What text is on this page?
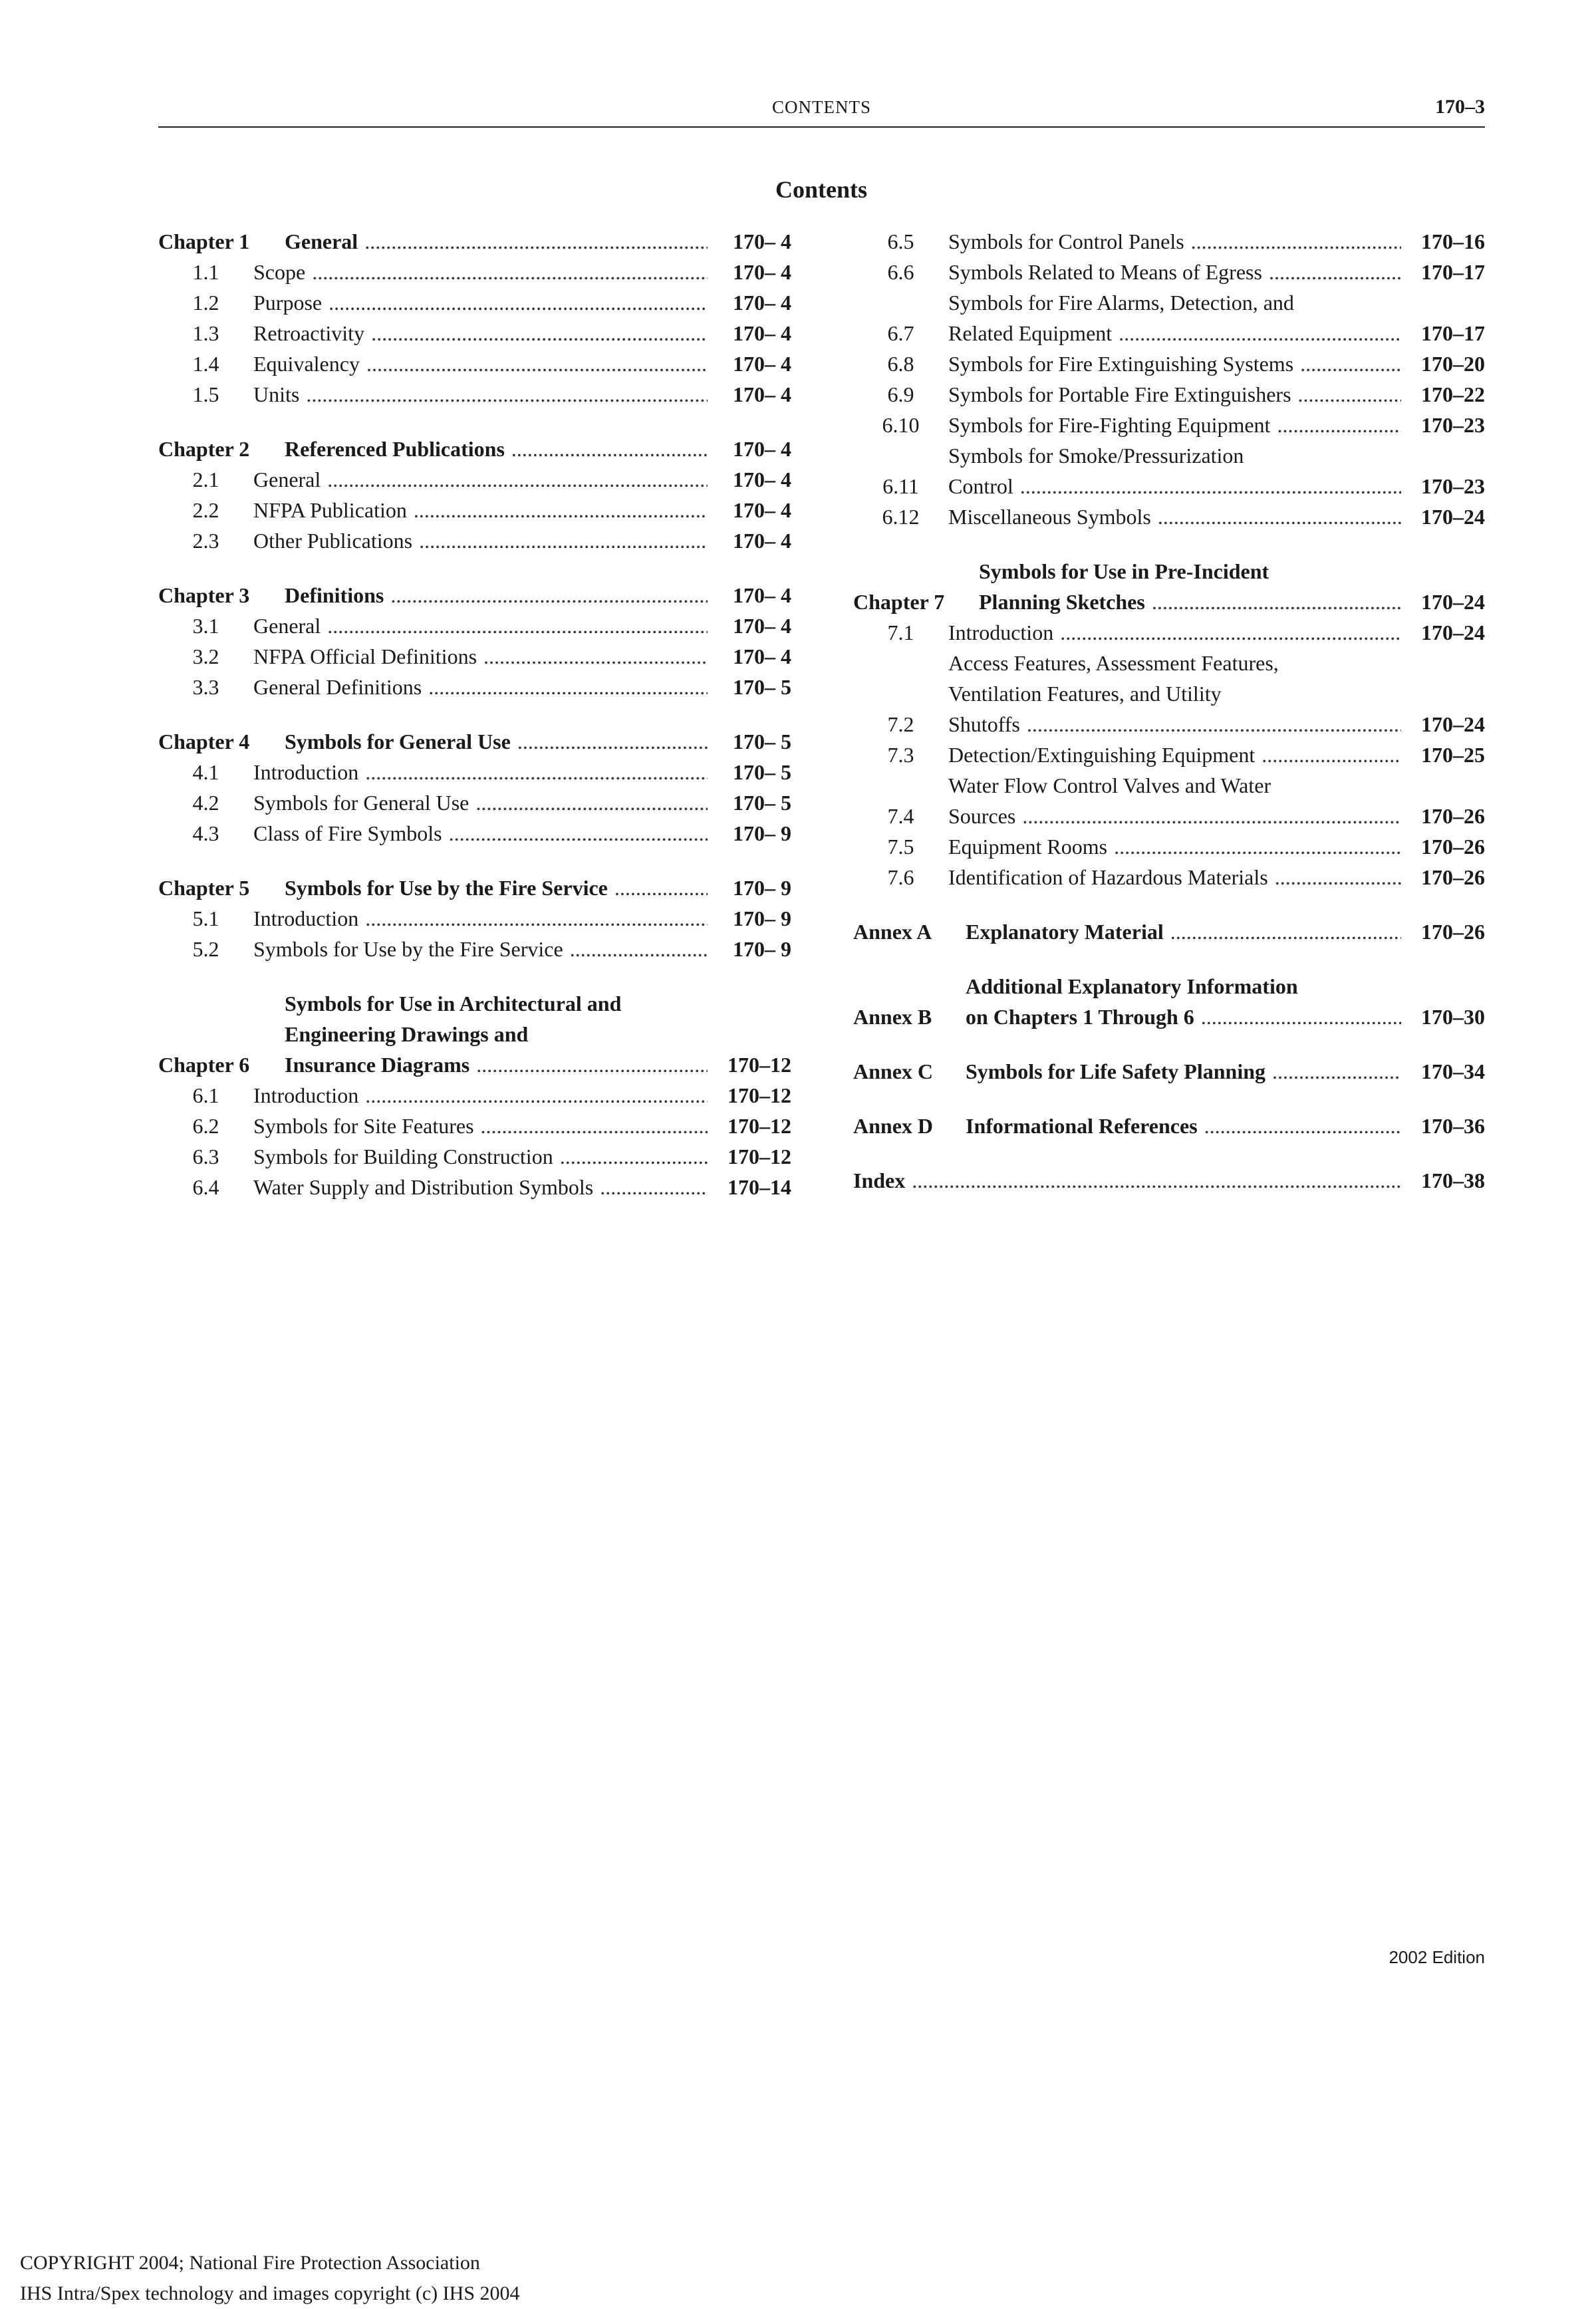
CONTENTS	170–3
Contents
Chapter 1	General . . .	170– 4
1.1	Scope . . .	170– 4
1.2	Purpose . . .	170– 4
1.3	Retroactivity . . .	170– 4
1.4	Equivalency . . .	170– 4
1.5	Units . . .	170– 4
Chapter 2	Referenced Publications . . .	170– 4
2.1	General . . .	170– 4
2.2	NFPA Publication . . .	170– 4
2.3	Other Publications . . .	170– 4
Chapter 3	Definitions . . .	170– 4
3.1	General . . .	170– 4
3.2	NFPA Official Definitions . . .	170– 4
3.3	General Definitions . . .	170– 5
Chapter 4	Symbols for General Use . . .	170– 5
4.1	Introduction . . .	170– 5
4.2	Symbols for General Use . . .	170– 5
4.3	Class of Fire Symbols . . .	170– 9
Chapter 5	Symbols for Use by the Fire Service . . .	170– 9
5.1	Introduction . . .	170– 9
5.2	Symbols for Use by the Fire Service . . .	170– 9
Chapter 6
Symbols for Use in Architectural and
Engineering Drawings and
Insurance Diagrams . . .	170–12
6.1	Introduction . . .	170–12
6.2	Symbols for Site Features . . .	170–12
6.3	Symbols for Building Construction . . .	170–12
6.4	Water Supply and Distribution Symbols . . .	170–14
6.5	Symbols for Control Panels . . .	170–16
6.6	Symbols Related to Means of Egress . . .	170–17
6.7
Symbols for Fire Alarms, Detection, and
Related Equipment . . .	170–17
6.8	Symbols for Fire Extinguishing Systems . . .	170–20
6.9	Symbols for Portable Fire Extinguishers . . .	170–22
6.10	Symbols for Fire-Fighting Equipment . . .	170–23
6.11
Symbols for Smoke/Pressurization
Control . . .	170–23
6.12	Miscellaneous Symbols . . .	170–24
Chapter 7
Symbols for Use in Pre-Incident
Planning Sketches . . .	170–24
7.1	Introduction . . .	170–24
7.2
Access Features, Assessment Features,
Ventilation Features, and Utility
Shutoffs . . .	170–24
7.3	Detection/Extinguishing Equipment . . .	170–25
7.4
Water Flow Control Valves and Water
Sources . . .	170–26
7.5	Equipment Rooms . . .	170–26
7.6	Identification of Hazardous Materials . . .	170–26
Annex A	Explanatory Material . . .	170–26
Annex B
Additional Explanatory Information
on Chapters 1 Through 6 . . .	170–30
Annex C	Symbols for Life Safety Planning . . .	170–34
Annex D	Informational References . . .	170–36
Index . . .	170–38
2002 Edition
COPYRIGHT 2004; National Fire Protection Association
IHS Intra/Spex technology and images copyright (c) IHS 2004
